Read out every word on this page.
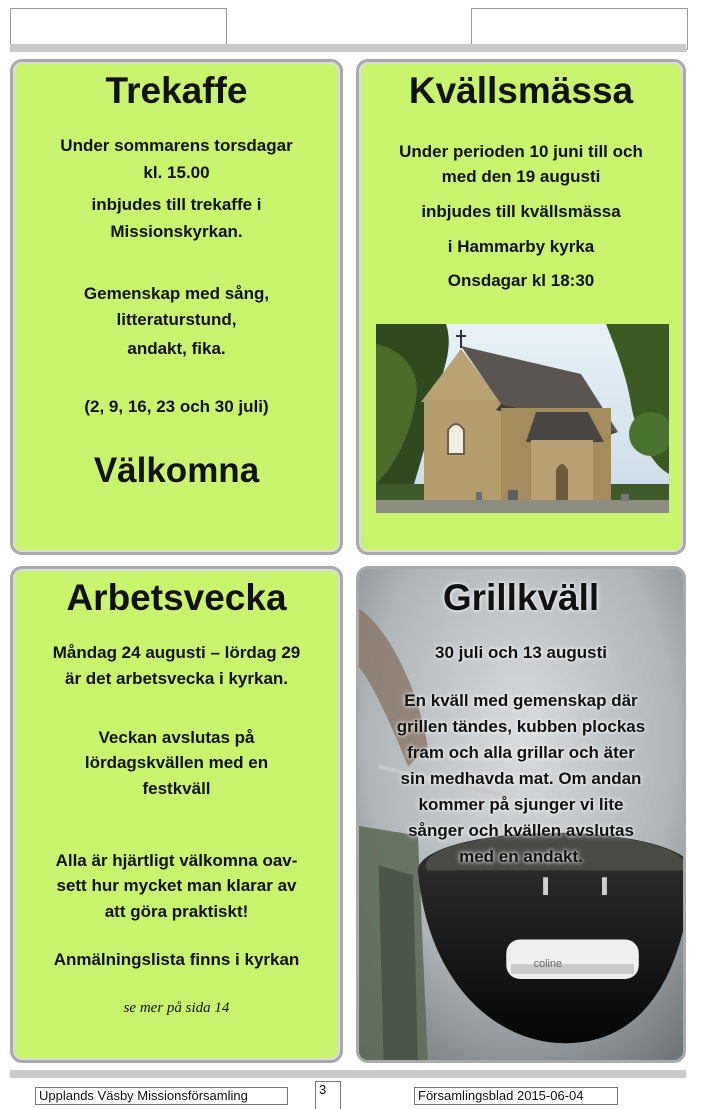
Trekaffe

Under sommarens torsdagar

kl. 15.00

inbjudes till trekaffe i

Missionskyrkan.

Gemenskap med sång,

litteraturstund,

andakt, fika.

(2, 9, 16, 23 och 30 juli)

Välkomna

Kvällsmässa

Under perioden 10 juni till och

med den 19 augusti

inbjudes till kvällsmässa

i Hammarby kyrka

Onsdagar kl 18:30

Arbetsvecka

Måndag 24 augusti – lördag 29

är det arbetsvecka i kyrkan.

Veckan avslutas på

lördagskvällen med en

festkväll

Alla är hjärtligt välkomna oav-

sett hur mycket man klarar av

att göra praktiskt!

Anmälningslista finns i kyrkan

se mer på sida 14

coline
Grillkväll

30 juli och 13 augusti

En kväll med gemenskap där

grillen tändes, kubben plockas

fram och alla grillar och äter

sin medhavda mat. Om andan

kommer på sjunger vi lite

sånger och kvällen avslutas

med en andakt.

Upplands Väsby Missionsförsamling	3	Församlingsblad 2015-06-04
